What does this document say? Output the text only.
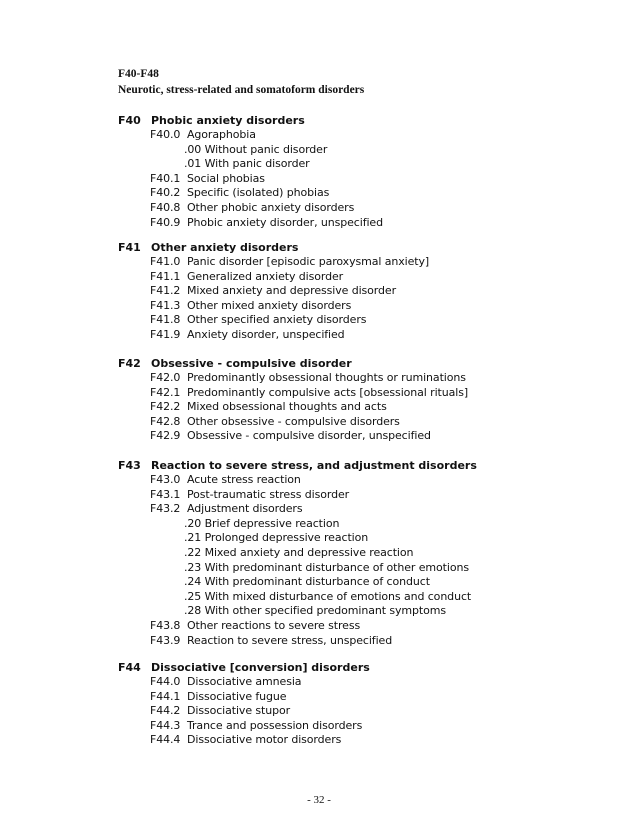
F40-F48
Neurotic, stress-related and somatoform disorders
F40 Phobic anxiety disorders
F40.0 Agoraphobia
.00 Without panic disorder
.01 With panic disorder
F40.1 Social phobias
F40.2 Specific (isolated) phobias
F40.8 Other phobic anxiety disorders
F40.9 Phobic anxiety disorder, unspecified
F41 Other anxiety disorders
F41.0 Panic disorder [episodic paroxysmal anxiety]
F41.1 Generalized anxiety disorder
F41.2 Mixed anxiety and depressive disorder
F41.3 Other mixed anxiety disorders
F41.8 Other specified anxiety disorders
F41.9 Anxiety disorder, unspecified
F42 Obsessive - compulsive disorder
F42.0 Predominantly obsessional thoughts or ruminations
F42.1 Predominantly compulsive acts [obsessional rituals]
F42.2 Mixed obsessional thoughts and acts
F42.8 Other obsessive - compulsive disorders
F42.9 Obsessive - compulsive disorder, unspecified
F43 Reaction to severe stress, and adjustment disorders
F43.0 Acute stress reaction
F43.1 Post-traumatic stress disorder
F43.2 Adjustment disorders
.20 Brief depressive reaction
.21 Prolonged depressive reaction
.22 Mixed anxiety and depressive reaction
.23 With predominant disturbance of other emotions
.24 With predominant disturbance of conduct
.25 With mixed disturbance of emotions and conduct
.28 With other specified predominant symptoms
F43.8 Other reactions to severe stress
F43.9 Reaction to severe stress, unspecified
F44 Dissociative [conversion] disorders
F44.0 Dissociative amnesia
F44.1 Dissociative fugue
F44.2 Dissociative stupor
F44.3 Trance and possession disorders
F44.4 Dissociative motor disorders
- 32 -
